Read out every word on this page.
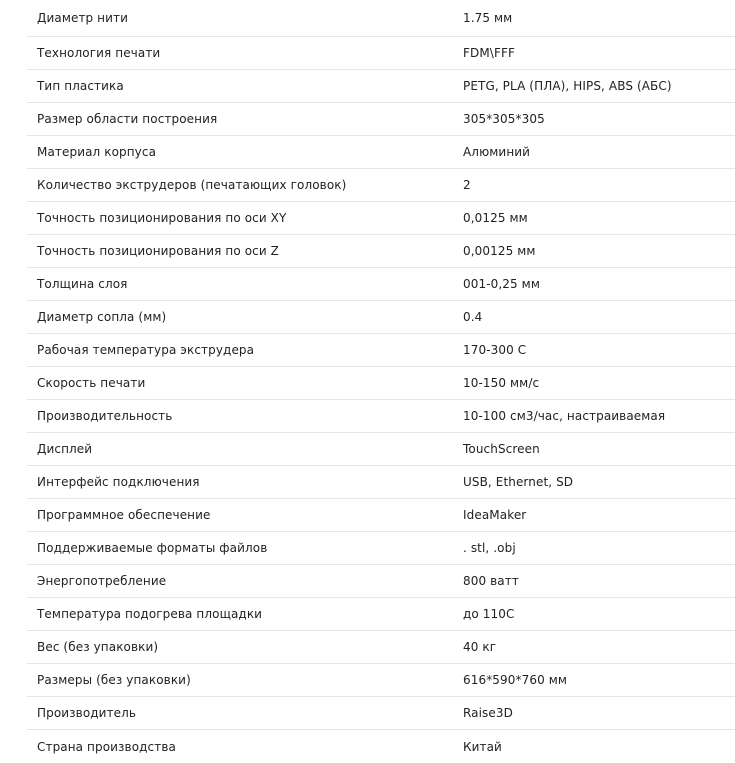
Диаметр нити	1.75 мм
Технология печати	FDM\FFF
Тип пластика	PETG, PLA (ПЛА), HIPS, ABS (АБС)
Размер области построения	305*305*305
Материал корпуса	Алюминий
Количество экструдеров (печатающих головок)	2
Точность позиционирования по оси XY	0,0125 мм
Точность позиционирования по оси Z	0,00125 мм
Толщина слоя	001-0,25 мм
Диаметр сопла (мм)	0.4
Рабочая температура экструдера	170-300 С
Скорость печати	10-150 мм/с
Производительность	10-100 см3/час, настраиваемая
Дисплей	TouchScreen
Интерфейс подключения	USB, Ethernet, SD
Программное обеспечение	IdeaMaker
Поддерживаемые форматы файлов	. stl, .obj
Энергопотребление	800 ватт
Температура подогрева площадки	до 110С
Вес (без упаковки)	40 кг
Размеры (без упаковки)	616*590*760 мм
Производитель	Raise3D
Страна производства	Китай
